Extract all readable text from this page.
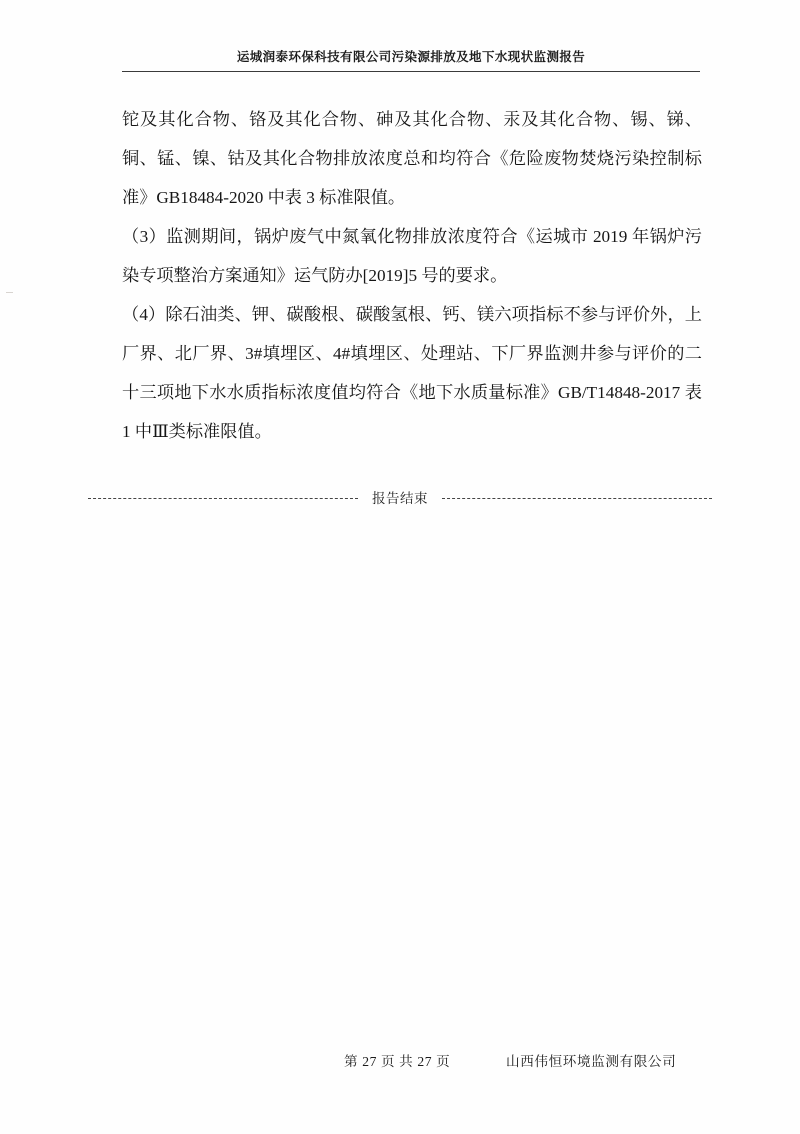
运城润泰环保科技有限公司污染源排放及地下水现状监测报告

铊及其化合物、铬及其化合物、砷及其化合物、汞及其化合物、锡、锑、铜、锰、镍、钴及其化合物排放浓度总和均符合《危险废物焚烧污染控制标准》GB18484-2020 中表 3 标准限值。

（3）监测期间，锅炉废气中氮氧化物排放浓度符合《运城市 2019 年锅炉污染专项整治方案通知》运气防办[2019]5 号的要求。

（4）除石油类、钾、碳酸根、碳酸氢根、钙、镁六项指标不参与评价外，上厂界、北厂界、3#填埋区、4#填埋区、处理站、下厂界监测井参与评价的二十三项地下水水质指标浓度值均符合《地下水质量标准》GB/T14848-2017 表 1 中Ⅲ类标准限值。

报告结束
第 27 页 共 27 页	山西伟恒环境监测有限公司
